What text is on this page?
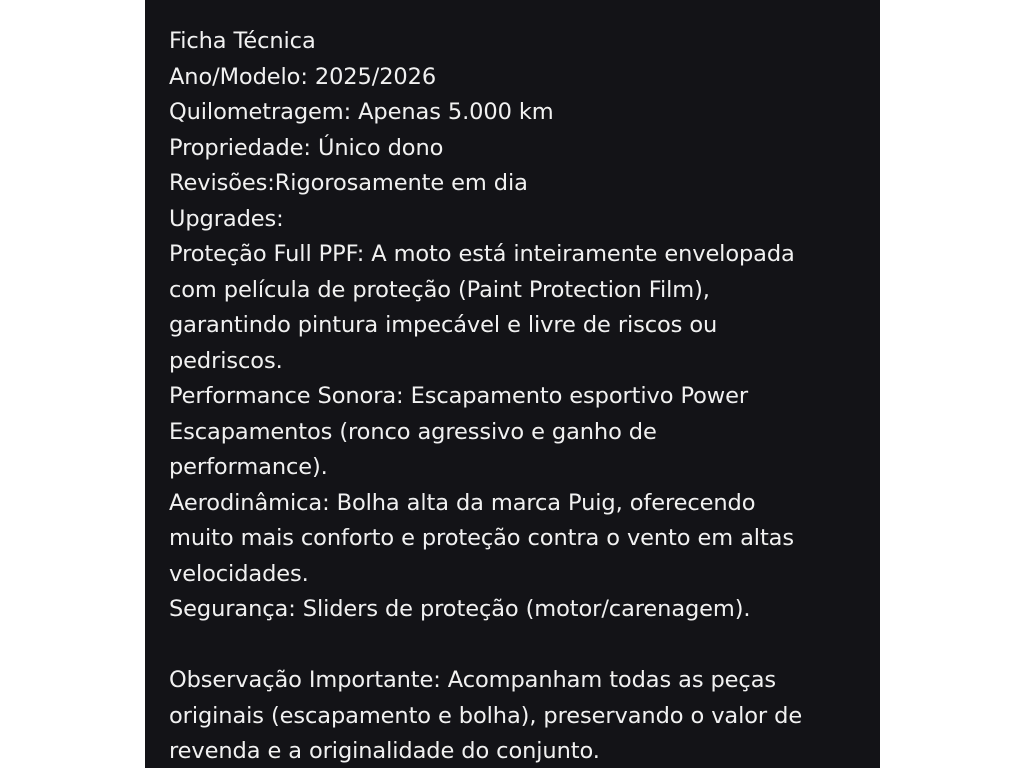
Ficha Técnica
Ano/Modelo: 2025/2026
Quilometragem: Apenas 5.000 km
Propriedade: Único dono
Revisões:Rigorosamente em dia
Upgrades:
Proteção Full PPF: A moto está inteiramente envelopada
com película de proteção (Paint Protection Film),
garantindo pintura impecável e livre de riscos ou
pedriscos.
Performance Sonora: Escapamento esportivo Power
Escapamentos (ronco agressivo e ganho de
performance).
Aerodinâmica: Bolha alta da marca Puig, oferecendo
muito mais conforto e proteção contra o vento em altas
velocidades.
Segurança: Sliders de proteção (motor/carenagem).
Observação Importante: Acompanham todas as peças
originais (escapamento e bolha), preservando o valor de
revenda e a originalidade do conjunto.
